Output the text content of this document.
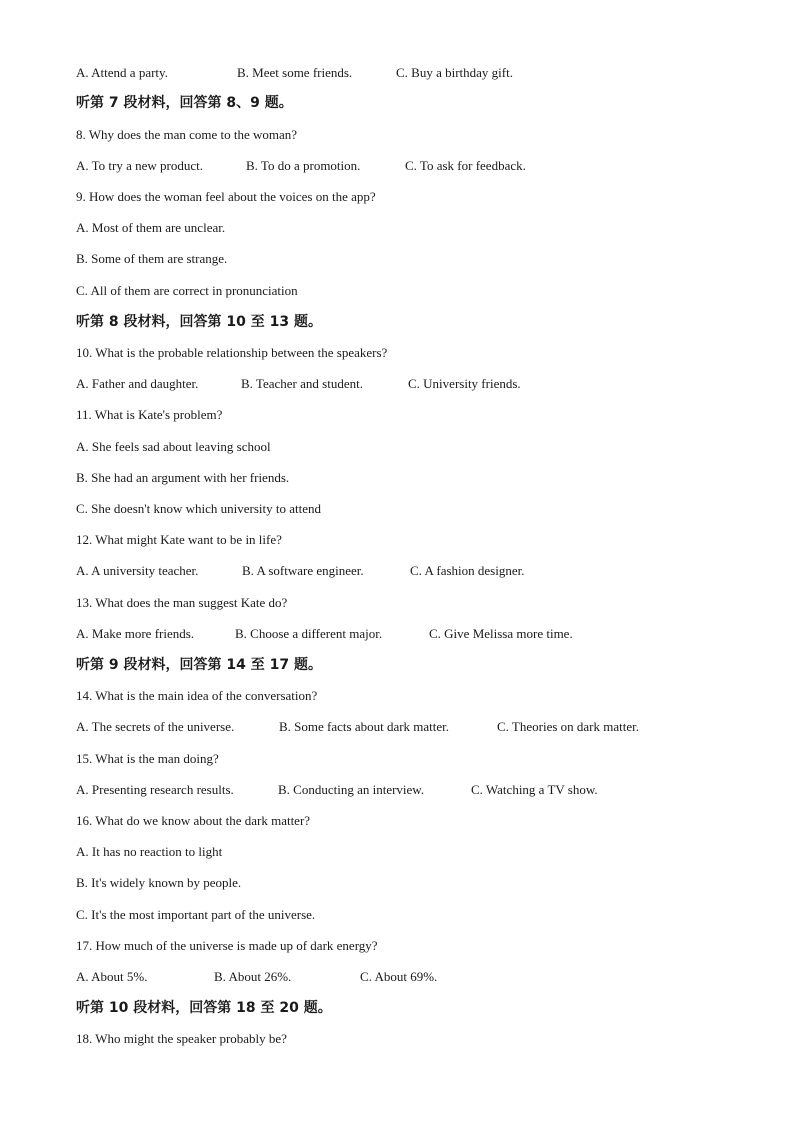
A. Attend a party.	B. Meet some friends.	C. Buy a birthday gift.
听第 7 段材料，回答第 8、9 题。
8. Why does the man come to the woman?
A. To try a new product.	B. To do a promotion.	C. To ask for feedback.
9. How does the woman feel about the voices on the app?
A. Most of them are unclear.
B. Some of them are strange.
C. All of them are correct in pronunciation
听第 8 段材料，回答第 10 至 13 题。
10. What is the probable relationship between the speakers?
A. Father and daughter.	B. Teacher and student.	C. University friends.
11. What is Kate's problem?
A. She feels sad about leaving school
B. She had an argument with her friends.
C. She doesn't know which university to attend
12. What might Kate want to be in life?
A. A university teacher.	B. A software engineer.	C. A fashion designer.
13. What does the man suggest Kate do?
A. Make more friends.	B. Choose a different major.	C. Give Melissa more time.
听第 9 段材料，回答第 14 至 17 题。
14. What is the main idea of the conversation?
A. The secrets of the universe.	B. Some facts about dark matter.	C. Theories on dark matter.
15. What is the man doing?
A. Presenting research results.	B. Conducting an interview.	C. Watching a TV show.
16. What do we know about the dark matter?
A. It has no reaction to light
B. It's widely known by people.
C. It's the most important part of the universe.
17. How much of the universe is made up of dark energy?
A. About 5%.	B. About 26%.	C. About 69%.
听第 10 段材料，回答第 18 至 20 题。
18. Who might the speaker probably be?
